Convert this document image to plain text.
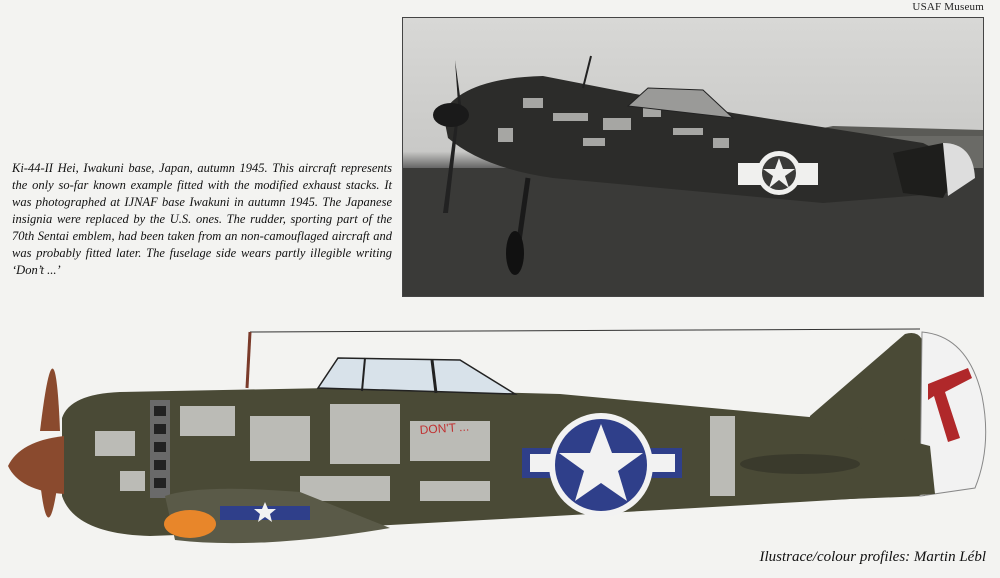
USAF Museum
Ki-44-II Hei, Iwakuni base, Japan, autumn 1945. This aircraft represents the only so-far known example fitted with the modified exhaust stacks. It was photographed at IJNAF base Iwakuni in autumn 1945. The Japanese insignia were replaced by the U.S. ones. The rudder, sporting part of the 70th Sentai emblem, had been taken from an non-camouflaged aircraft and was probably fitted later. The fuselage side wears partly illegible writing ‘Don’t ...’
DON'T ...
Ilustrace/colour profiles: Martin Lébl
